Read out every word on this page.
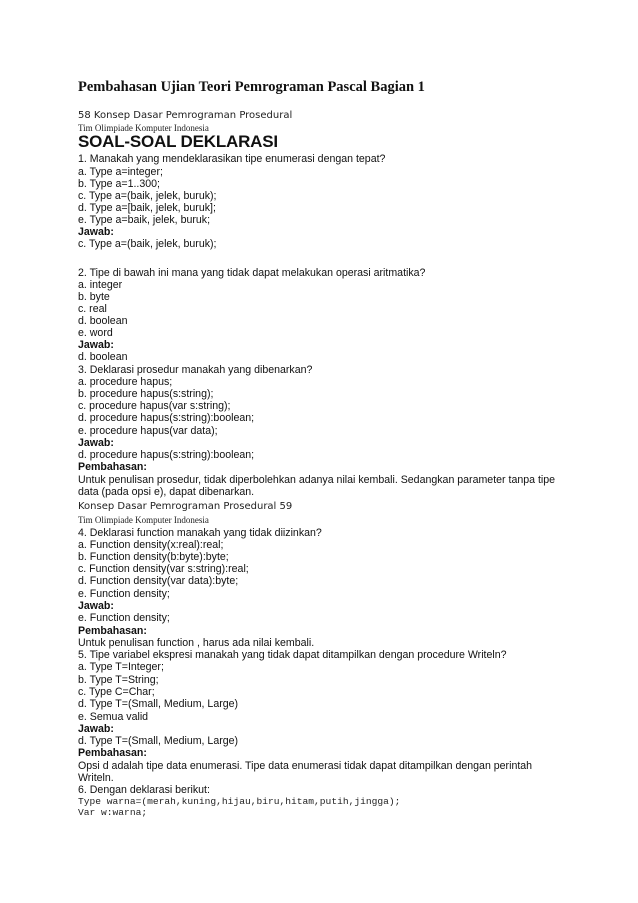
Pembahasan Ujian Teori Pemrograman Pascal Bagian 1
58 Konsep Dasar Pemrograman Prosedural
Tim Olimpiade Komputer Indonesia
SOAL-SOAL DEKLARASI
1. Manakah yang mendeklarasikan tipe enumerasi dengan tepat?
a. Type a=integer;
b. Type a=1..300;
c. Type a=(baik, jelek, buruk);
d. Type a=[baik, jelek, buruk];
e. Type a=baik, jelek, buruk;
Jawab:
c. Type a=(baik, jelek, buruk);
2. Tipe di bawah ini mana yang tidak dapat melakukan operasi aritmatika?
a. integer
b. byte
c. real
d. boolean
e. word
Jawab:
d. boolean
3. Deklarasi prosedur manakah yang dibenarkan?
a. procedure hapus;
b. procedure hapus(s:string);
c. procedure hapus(var s:string);
d. procedure hapus(s:string):boolean;
e. procedure hapus(var data);
Jawab:
d. procedure hapus(s:string):boolean;
Pembahasan:
Untuk penulisan prosedur, tidak diperbolehkan adanya nilai kembali. Sedangkan parameter tanpa tipe
data (pada opsi e), dapat dibenarkan.
Konsep Dasar Pemrograman Prosedural 59
Tim Olimpiade Komputer Indonesia
4. Deklarasi function manakah yang tidak diizinkan?
a. Function density(x:real):real;
b. Function density(b:byte):byte;
c. Function density(var s:string):real;
d. Function density(var data):byte;
e. Function density;
Jawab:
e. Function density;
Pembahasan:
Untuk penulisan function , harus ada nilai kembali.
5. Tipe variabel ekspresi manakah yang tidak dapat ditampilkan dengan procedure Writeln?
a. Type T=Integer;
b. Type T=String;
c. Type C=Char;
d. Type T=(Small, Medium, Large)
e. Semua valid
Jawab:
d. Type T=(Small, Medium, Large)
Pembahasan:
Opsi d adalah tipe data enumerasi. Tipe data enumerasi tidak dapat ditampilkan dengan perintah
Writeln.
6. Dengan deklarasi berikut:
Type warna=(merah,kuning,hijau,biru,hitam,putih,jingga);
Var w:warna;
